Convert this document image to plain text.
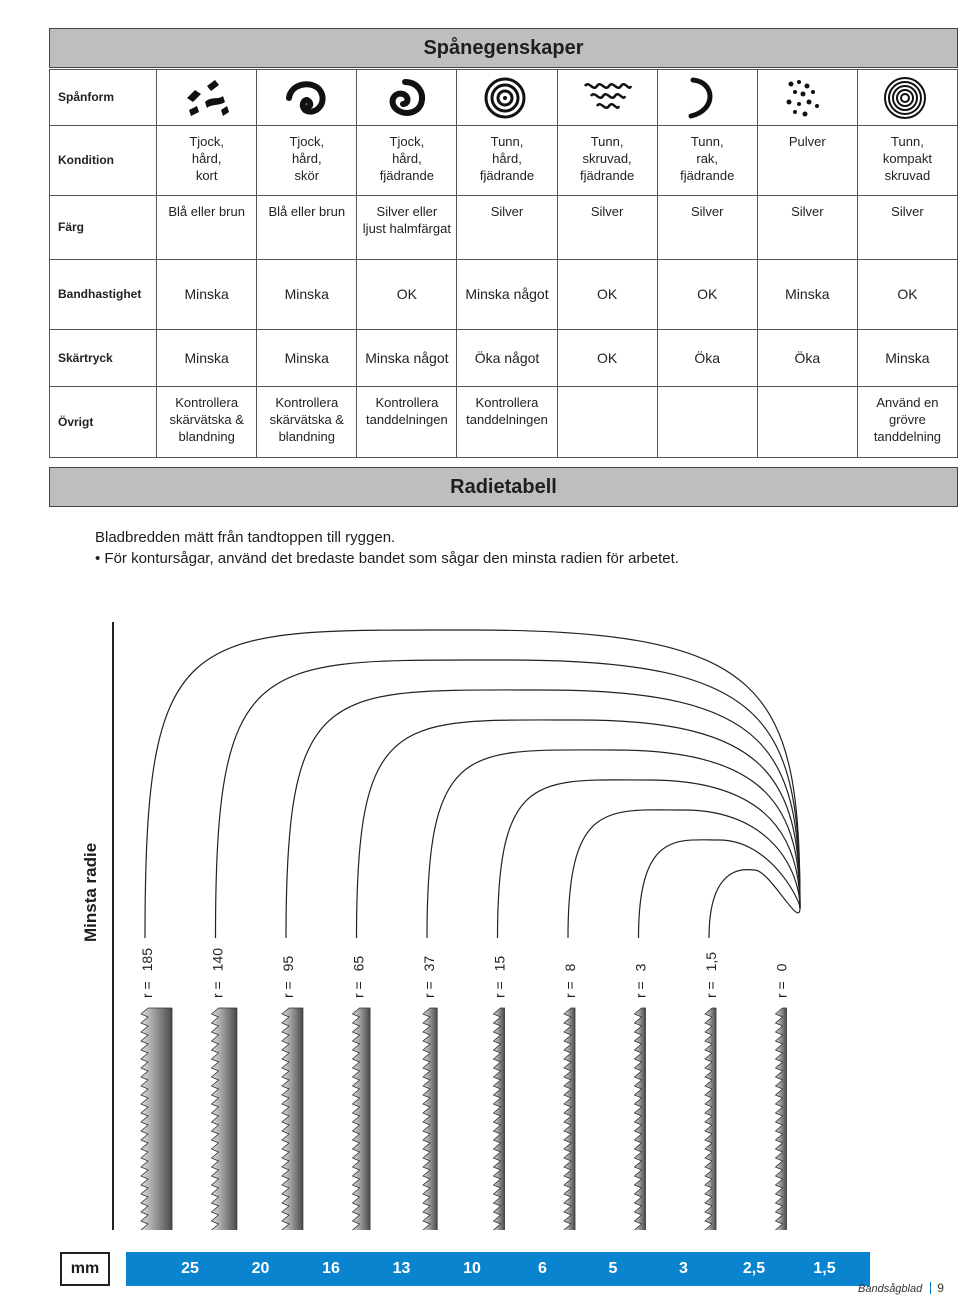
Spånegenskaper
Spånform	

Kondition	Tjock,
hård,
kort	Tjock,
hård,
skör	Tjock,
hård,
fjädrande	Tunn,
hård,
fjädrande	Tunn,
skruvad,
fjädrande	Tunn,
rak,
fjädrande	Pulver	Tunn,
kompakt
skruvad
Färg	Blå eller brun	Blå eller brun	Silver eller
ljust halmfärgat	Silver	Silver	Silver	Silver	Silver
Bandhastighet	Minska	Minska	OK	Minska något	OK	OK	Minska	OK
Skärtryck	Minska	Minska	Minska något	Öka något	OK	Öka	Öka	Minska
Övrigt	Kontrollera
skärvätska &
blandning	Kontrollera
skärvätska &
blandning	Kontrollera
tanddelningen	Kontrollera
tanddelningen				Använd en
grövre
tanddelning
Radietabell
Bladbredden mätt från tandtoppen till ryggen.
• För kontursågar, använd det bredaste bandet som sågar den minsta radien för arbetet.
r = 185
r = 140
r = 95
r = 65
r = 37
r = 15
r = 8
r = 3
r = 1,5
r = 0
Minsta radie
mm	25	20	16	13	10	6	5	3	2,5	1,5
Bandsågblad 9
